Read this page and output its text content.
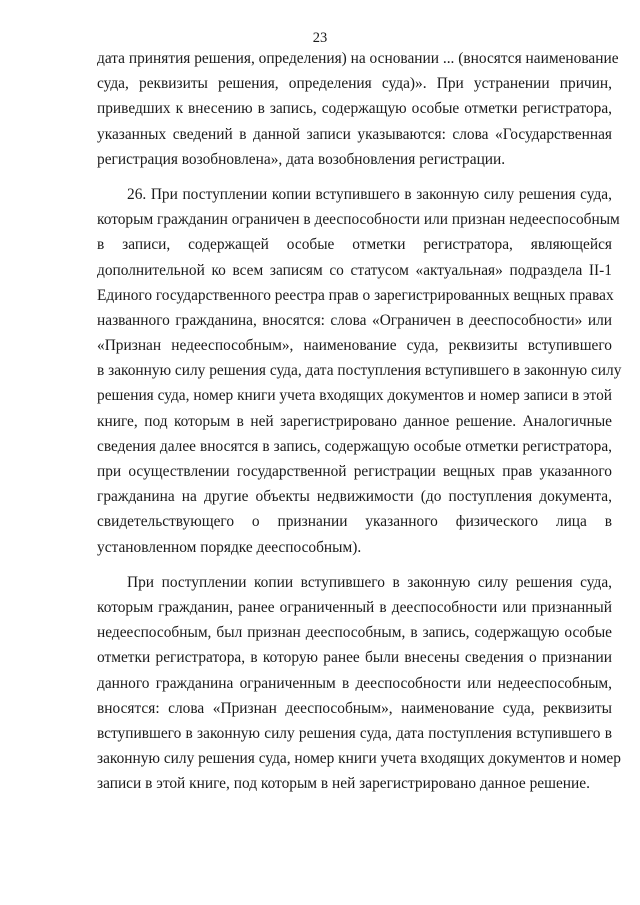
23
дата принятия решения, определения) на основании ... (вносятся наименование
суда, реквизиты решения, определения суда)». При устранении причин,
приведших к внесению в запись, содержащую особые отметки регистратора,
указанных сведений в данной записи указываются: слова «Государственная
регистрация возобновлена», дата возобновления регистрации.
26. При поступлении копии вступившего в законную силу решения суда,
которым гражданин ограничен в дееспособности или признан недееспособным
в записи, содержащей особые отметки регистратора, являющейся
дополнительной ко всем записям со статусом «актуальная» подраздела II-1
Единого государственного реестра прав о зарегистрированных вещных правах
названного гражданина, вносятся: слова «Ограничен в дееспособности» или
«Признан недееспособным», наименование суда, реквизиты вступившего
в законную силу решения суда, дата поступления вступившего в законную силу
решения суда, номер книги учета входящих документов и номер записи в этой
книге, под которым в ней зарегистрировано данное решение. Аналогичные
сведения далее вносятся в запись, содержащую особые отметки регистратора,
при осуществлении государственной регистрации вещных прав указанного
гражданина на другие объекты недвижимости (до поступления документа,
свидетельствующего о признании указанного физического лица в
установленном порядке дееспособным).
При поступлении копии вступившего в законную силу решения суда,
которым гражданин, ранее ограниченный в дееспособности или признанный
недееспособным, был признан дееспособным, в запись, содержащую особые
отметки регистратора, в которую ранее были внесены сведения о признании
данного гражданина ограниченным в дееспособности или недееспособным,
вносятся: слова «Признан дееспособным», наименование суда, реквизиты
вступившего в законную силу решения суда, дата поступления вступившего в
законную силу решения суда, номер книги учета входящих документов и номер
записи в этой книге, под которым в ней зарегистрировано данное решение.
